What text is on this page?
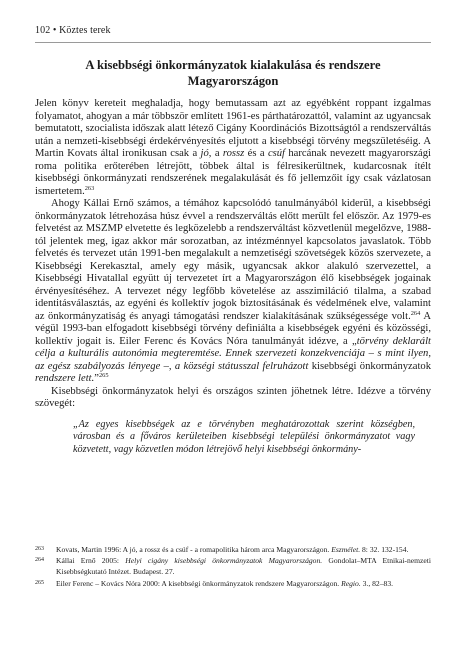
102 • Köztes terek
A kisebbségi önkormányzatok kialakulása és rendszere Magyarországon

Jelen könyv kereteit meghaladja, hogy bemutassam azt az egyébként roppant izgalmas folyamatot, ahogyan a már többször említett 1961-es párthatározattól, valamint az ugyancsak bemutatott, szocialista időszak alatt létező Cigány Koordinációs Bizottságtól a rendszerváltás után a nemzeti-kisebbségi érdekérvényesítés eljutott a kisebbségi törvény megszületéséig. A Martin Kovats által ironikusan csak a jó, a rossz és a csúf harcának nevezett magyarországi roma politika erőterében létrejött, többek által is félresikerültnek, kudarcosnak ítélt kisebbségi önkormányzati rendszerének megalakulását és fő jellemzőit így csak vázlatosan ismertetem.$^{263}$

Ahogy Kállai Ernő számos, a témához kapcsolódó tanulmányából kiderül, a kisebbségi önkormányzatok létrehozása húsz évvel a rendszerváltás előtt merült fel először. Az 1979-es felvetést az MSZMP elvetette és legközelebb a rendszerváltást közvetlenül megelőzve, 1988-tól jelentek meg, igaz akkor már sorozatban, az intézménnyel kapcsolatos javaslatok. Több felvetés és tervezet után 1991-ben megalakult a nemzetiségi szövetségek közös szervezete, a Kisebbségi Kerekasztal, amely egy másik, ugyancsak akkor alakuló szervezettel, a Kisebbségi Hivatallal együtt új tervezetet írt a Magyarországon élő kisebbségek jogainak érvényesítéséhez. A tervezet négy legfőbb követelése az asszimiláció tilalma, a szabad identitásválasztás, az egyéni és kollektív jogok biztosításának és védelmének elve, valamint az önkormányzatiság és anyagi támogatási rendszer kialakításának szükségessége volt.$^{264}$ A végül 1993-ban elfogadott kisebbségi törvény definiálta a kisebbségek egyéni és közösségi, kollektív jogait is. Eiler Ferenc és Kovács Nóra tanulmányát idézve, a „törvény deklarált célja a kulturális autonómia megteremtése. Ennek szervezeti konzekvenciája – s mint ilyen, az egész szabályozás lényege –, a községi státusszal felruházott kisebbségi önkormányzatok rendszere lett.”$^{265}$

Kisebbségi önkormányzatok helyi és országos szinten jöhetnek létre. Idézve a törvény szövegét:

„Az egyes kisebbségek az e törvényben meghatározottak szerint községben, városban és a főváros kerületeiben kisebbségi települési önkormányzatot vagy közvetett, vagy közvetlen módon létrejövő helyi kisebbségi önkormány-
263 Kovats, Martin 1996: A jó, a rossz és a csúf - a romapolitika három arca Magyarországon. Eszmélet. 8: 32. 132-154.
264 Kállai Ernő 2005: Helyi cigány kisebbségi önkormányzatok Magyarországon. Gondolat–MTA Etnikai-nemzeti Kisebbségkutató Intézet. Budapest. 27.
265 Eiler Ferenc – Kovács Nóra 2000: A kisebbségi önkormányzatok rendszere Magyarországon. Regio. 3., 82–83.
